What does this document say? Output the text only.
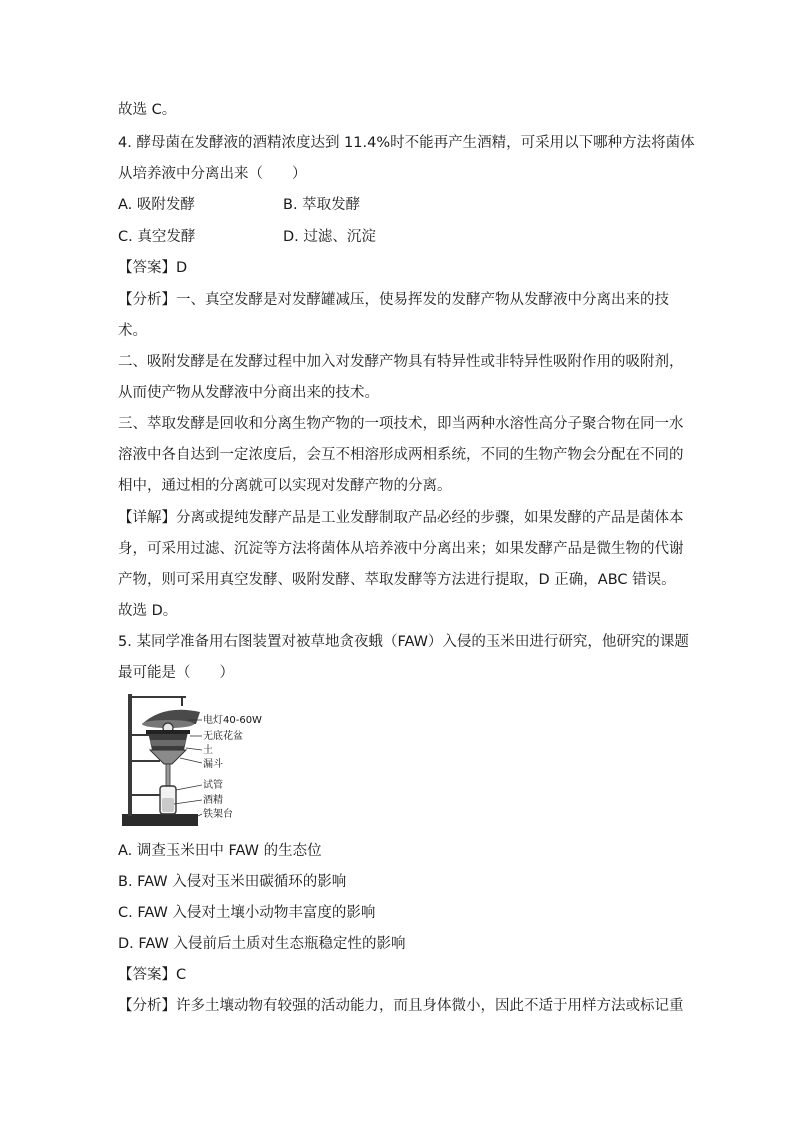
故选 C。
4. 酵母菌在发酵液的酒精浓度达到 11.4%时不能再产生酒精，可采用以下哪种方法将菌体
从培养液中分离出来（　　）
A. 吸附发酵	B. 萃取发酵
C. 真空发酵	D. 过滤、沉淀
【答案】D
【分析】一、真空发酵是对发酵罐减压，使易挥发的发酵产物从发酵液中分离出来的技
术。
二、吸附发酵是在发酵过程中加入对发酵产物具有特异性或非特异性吸附作用的吸附剂，
从而使产物从发酵液中分商出来的技术。
三、萃取发酵是回收和分离生物产物的一项技术，即当两种水溶性高分子聚合物在同一水
溶液中各自达到一定浓度后，会互不相溶形成两相系统，不同的生物产物会分配在不同的
相中，通过相的分离就可以实现对发酵产物的分离。
【详解】分离或提纯发酵产品是工业发酵制取产品必经的步骤，如果发酵的产品是菌体本
身，可采用过滤、沉淀等方法将菌体从培养液中分离出来；如果发酵产品是微生物的代谢
产物，则可采用真空发酵、吸附发酵、萃取发酵等方法进行提取，D 正确，ABC 错误。
故选 D。
5. 某同学准备用右图装置对被草地贪夜蛾（FAW）入侵的玉米田进行研究，他研究的课题
最可能是（　　）
电灯40-60W
无底花盆
土
漏斗
试管
酒精
铁架台
A. 调查玉米田中 FAW 的生态位
B. FAW 入侵对玉米田碳循环的影响
C. FAW 入侵对土壤小动物丰富度的影响
D. FAW 入侵前后土质对生态瓶稳定性的影响
【答案】C
【分析】许多土壤动物有较强的活动能力，而且身体微小，因此不适于用样方法或标记重
